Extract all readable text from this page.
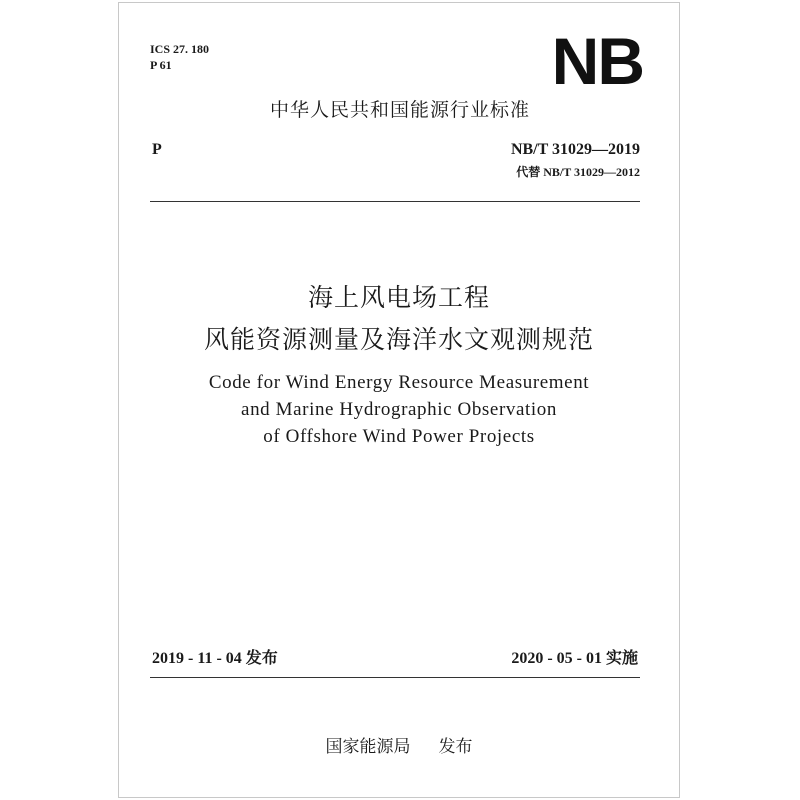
ICS 27. 180
P 61	NB
中华人民共和国能源行业标准
P	NB/T 31029—2019
代替 NB/T 31029—2012
海上风电场工程
风能资源测量及海洋水文观测规范
Code for Wind Energy Resource Measurement
and Marine Hydrographic Observation
of Offshore Wind Power Projects
2019 - 11 - 04 发布	2020 - 05 - 01 实施
国家能源局 发布
